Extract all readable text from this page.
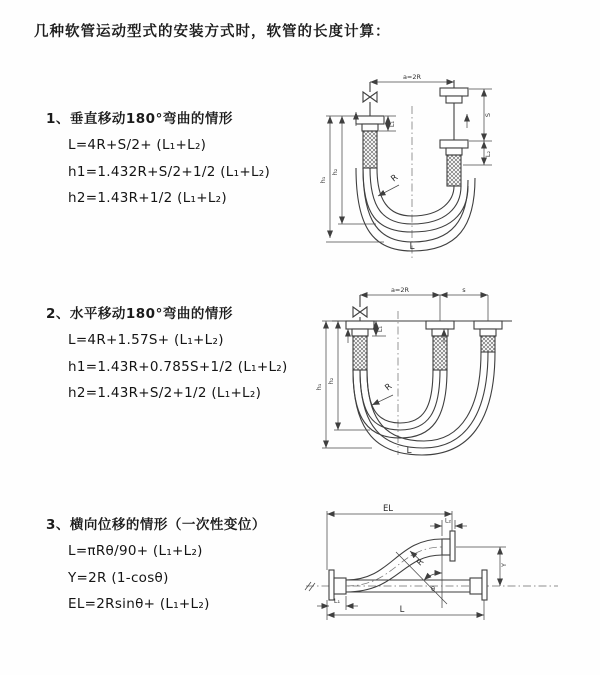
几种软管运动型式的安装方式时，软管的长度计算：
1、垂直移动180°弯曲的情形
L=4R+S/2+ (L₁+L₂)
h1=1.432R+S/2+1/2 (L₁+L₂)
h2=1.43R+1/2 (L₁+L₂)
2、水平移动180°弯曲的情形
L=4R+1.57S+ (L₁+L₂)
h1=1.43R+0.785S+1/2 (L₁+L₂)
h2=1.43R+S/2+1/2 (L₁+L₂)
3、横向位移的情形（一次性变位）
L=πRθ/90+ (L₁+L₂)
Y=2R (1-cosθ)
EL=2Rsinθ+ (L₁+L₂)
a=2R
S
L₂
L₁
h₁
h₂
R
L
a=2R	s
L₁
h₁
h₂
R
L
EL
L₂
Y
L
L₁
R
θ
